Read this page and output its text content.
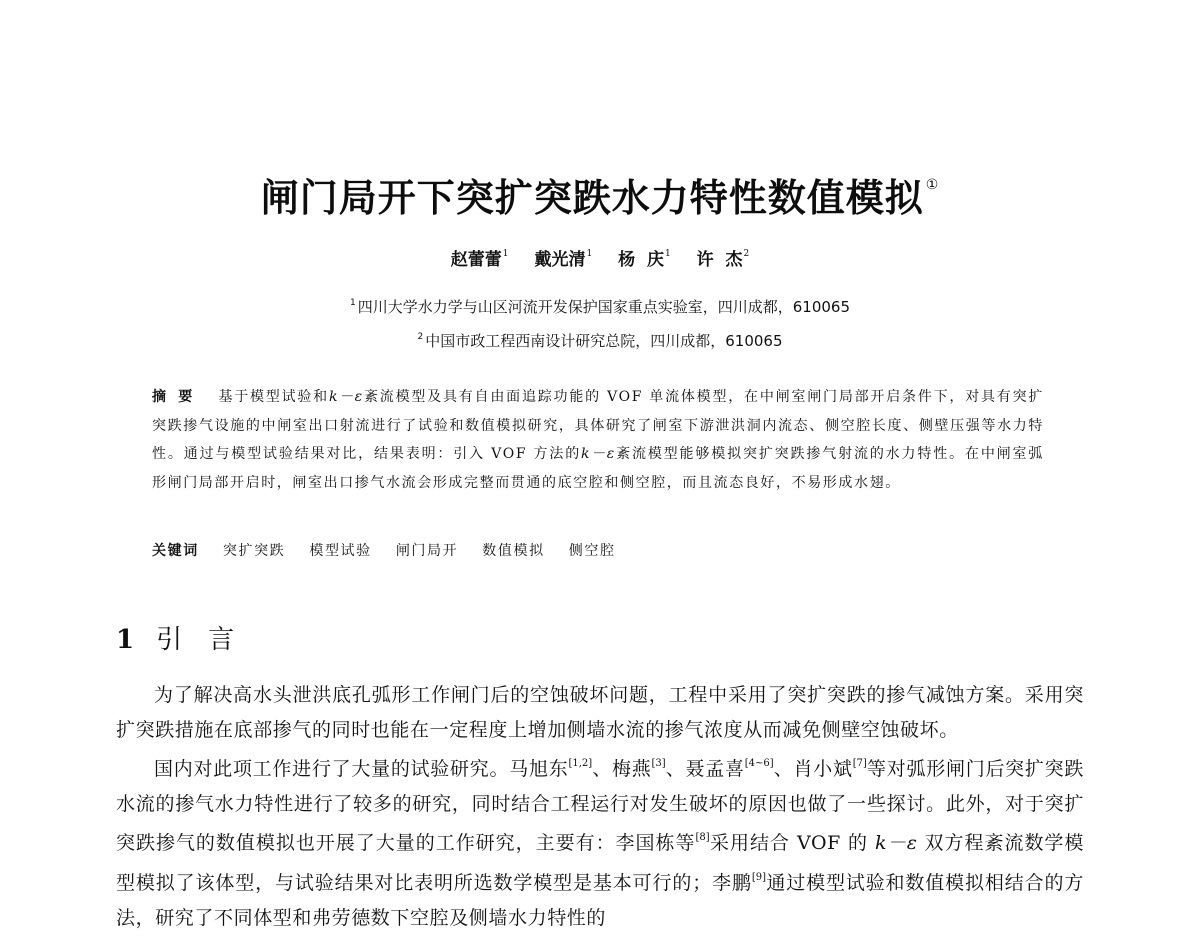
闸门局开下突扩突跌水力特性数值模拟 ①
赵蕾蕾$^1$ 戴光清$^1$ 杨  庆$^1$ 许  杰$^2$
$^1$ 四川大学水力学与山区河流开发保护国家重点实验室，四川成都，610065
$^2$ 中国市政工程西南设计研究总院，四川成都，610065
摘要 基于模型试验和k－ε紊流模型及具有自由面追踪功能的 VOF 单流体模型，在中闸室闸门局部开启条件下，对具有突扩突跌掺气设施的中闸室出口射流进行了试验和数值模拟研究，具体研究了闸室下游泄洪洞内流态、侧空腔长度、侧壁压强等水力特性。通过与模型试验结果对比，结果表明：引入 VOF 方法的k－ε紊流模型能够模拟突扩突跌掺气射流的水力特性。在中闸室弧形闸门局部开启时，闸室出口掺气水流会形成完整而贯通的底空腔和侧空腔，而且流态良好，不易形成水翅。
关键词 突扩突跌 模型试验 闸门局开 数值模拟 侧空腔
1 引言

为了解决高水头泄洪底孔弧形工作闸门后的空蚀破坏问题，工程中采用了突扩突跌的掺气减蚀方案。采用突扩突跌措施在底部掺气的同时也能在一定程度上增加侧墙水流的掺气浓度从而减免侧壁空蚀破坏。

国内对此项工作进行了大量的试验研究。马旭东[1,2]、梅燕[3]、聂孟喜[4~6]、肖小斌[7]等对弧形闸门后突扩突跌水流的掺气水力特性进行了较多的研究，同时结合工程运行对发生破坏的原因也做了一些探讨。此外，对于突扩突跌掺气的数值模拟也开展了大量的工作研究，主要有：李国栋等[8]采用结合 VOF 的 k－ε 双方程紊流数学模型模拟了该体型，与试验结果对比表明所选数学模型是基本可行的；李鹏[9]通过模型试验和数值模拟相结合的方法，研究了不同体型和弗劳德数下空腔及侧墙水力特性的
